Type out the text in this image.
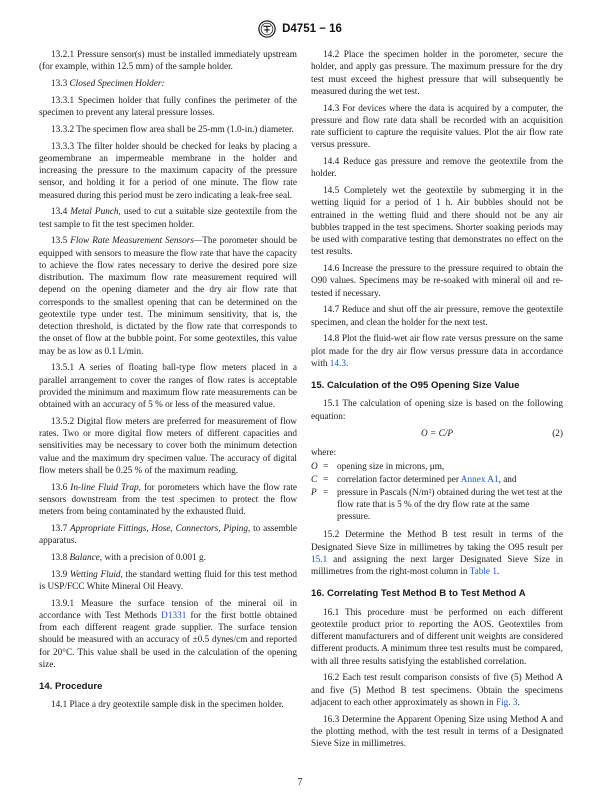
D4751 − 16

13.2.1 Pressure sensor(s) must be installed immediately upstream (for example, within 12.5 mm) of the sample holder.

13.3 Closed Specimen Holder:

13.3.1 Specimen holder that fully confines the perimeter of the specimen to prevent any lateral pressure losses.

13.3.2 The specimen flow area shall be 25-mm (1.0-in.) diameter.

13.3.3 The filter holder should be checked for leaks by placing a geomembrane an impermeable membrane in the holder and increasing the pressure to the maximum capacity of the pressure sensor, and holding it for a period of one minute. The flow rate measured during this period must be zero indicating a leak-free seal.

13.4 Metal Punch, used to cut a suitable size geotextile from the test sample to fit the test specimen holder.

13.5 Flow Rate Measurement Sensors—The porometer should be equipped with sensors to measure the flow rate that have the capacity to achieve the flow rates necessary to derive the desired pore size distribution. The maximum flow rate measurement required will depend on the opening diameter and the dry air flow rate that corresponds to the smallest opening that can be determined on the geotextile type under test. The minimum sensitivity, that is, the detection threshold, is dictated by the flow rate that corresponds to the onset of flow at the bubble point. For some geotextiles, this value may be as low as 0.1 L/min.

13.5.1 A series of floating ball-type flow meters placed in a parallel arrangement to cover the ranges of flow rates is acceptable provided the minimum and maximum flow rate measurements can be obtained with an accuracy of 5 % or less of the measured value.

13.5.2 Digital flow meters are preferred for measurement of flow rates. Two or more digital flow meters of different capacities and sensitivities may be necessary to cover both the minimum detection value and the maximum dry specimen value. The accuracy of digital flow meters shall be 0.25 % of the maximum reading.

13.6 In-line Fluid Trap, for porometers which have the flow rate sensors downstream from the test specimen to protect the flow meters from being contaminated by the exhausted fluid.

13.7 Appropriate Fittings, Hose, Connectors, Piping, to assemble apparatus.

13.8 Balance, with a precision of 0.001 g.

13.9 Wetting Fluid, the standard wetting fluid for this test method is USP/FCC White Mineral Oil Heavy.

13.9.1 Measure the surface tension of the mineral oil in accordance with Test Methods D1331 for the first bottle obtained from each different reagent grade supplier. The surface tension should be measured with an accuracy of ±0.5 dynes/cm and reported for 20°C. This value shall be used in the calculation of the opening size.

14. Procedure

14.1 Place a dry geotextile sample disk in the specimen holder.

14.2 Place the specimen holder in the porometer, secure the holder, and apply gas pressure. The maximum pressure for the dry test must exceed the highest pressure that will subsequently be measured during the wet test.

14.3 For devices where the data is acquired by a computer, the pressure and flow rate data shall be recorded with an acquisition rate sufficient to capture the requisite values. Plot the air flow rate versus pressure.

14.4 Reduce gas pressure and remove the geotextile from the holder.

14.5 Completely wet the geotextile by submerging it in the wetting liquid for a period of 1 h. Air bubbles should not be entrained in the wetting fluid and there should not be any air bubbles trapped in the test specimens. Shorter soaking periods may be used with comparative testing that demonstrates no effect on the test results.

14.6 Increase the pressure to the pressure required to obtain the O90 values. Specimens may be re-soaked with mineral oil and re-tested if necessary.

14.7 Reduce and shut off the air pressure, remove the geotextile specimen, and clean the holder for the next test.

14.8 Plot the fluid-wet air flow rate versus pressure on the same plot made for the dry air flow versus pressure data in accordance with 14.3.

15. Calculation of the O95 Opening Size Value

15.1 The calculation of opening size is based on the following equation:

O = C/P	(2)

where:

O = opening size in microns, μm,
C = correlation factor determined per Annex A1, and
P = pressure in Pascals (N/m²) obtained during the wet test at the flow rate that is 5 % of the dry flow rate at the same pressure.

15.2 Determine the Method B test result in terms of the Designated Sieve Size in millimetres by taking the O95 result per 15.1 and assigning the next larger Designated Sieve Size in millimetres from the right-most column in Table 1.

16. Correlating Test Method B to Test Method A

16.1 This procedure must be performed on each different geotextile product prior to reporting the AOS. Geotextiles from different manufacturers and of different unit weights are considered different products. A minimum three test results must be compared, with all three results satisfying the established correlation.

16.2 Each test result comparison consists of five (5) Method A and five (5) Method B test specimens. Obtain the specimens adjacent to each other approximately as shown in Fig. 3.

16.3 Determine the Apparent Opening Size using Method A and the plotting method, with the test result in terms of a Designated Sieve Size in millimetres.

7
